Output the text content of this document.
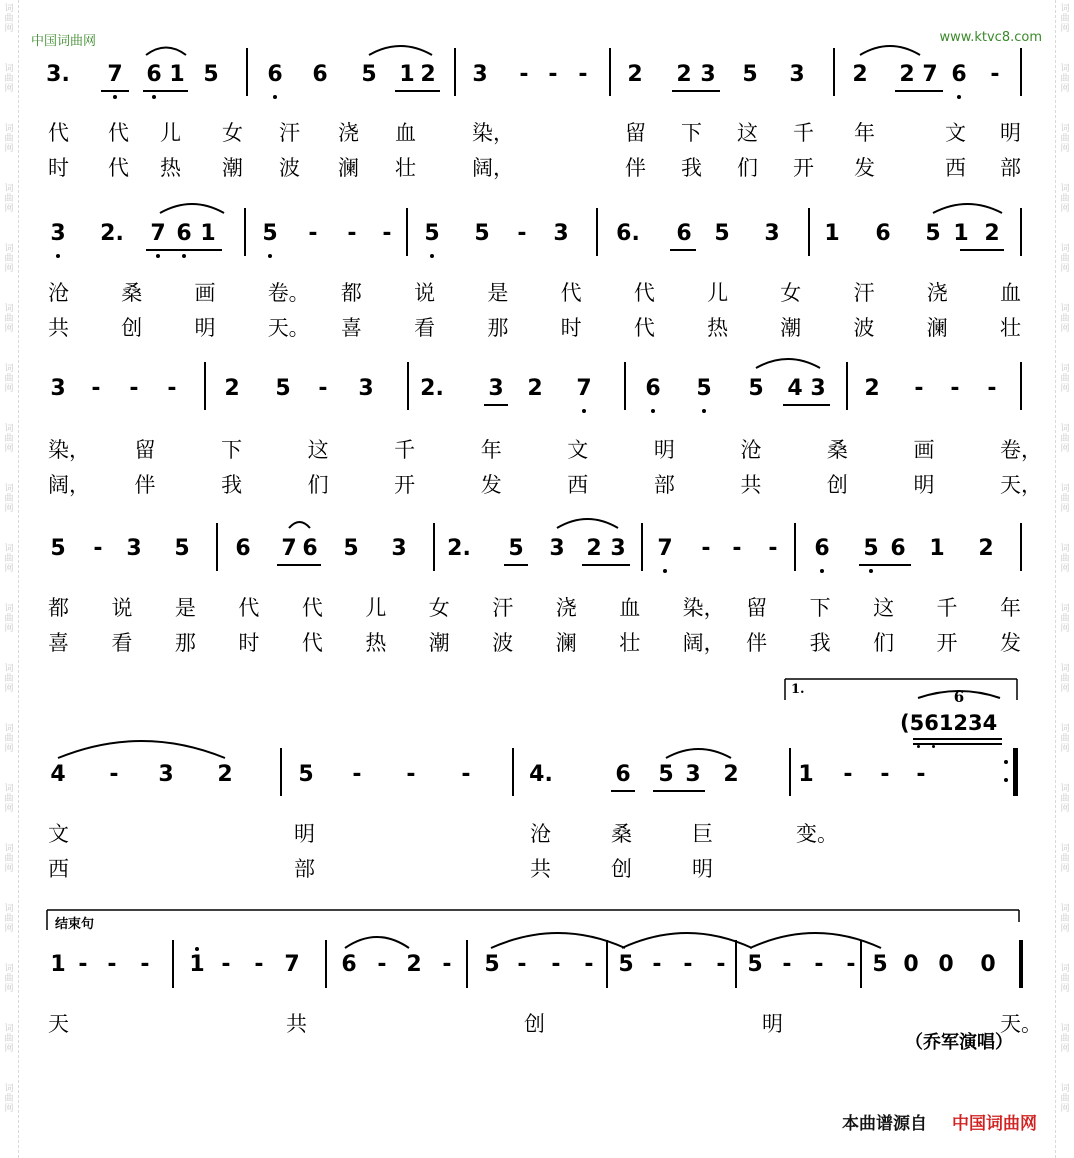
词曲网
词曲网
词曲网
词曲网
词曲网
词曲网
词曲网
词曲网
词曲网
词曲网
词曲网
词曲网
词曲网
词曲网
词曲网
词曲网
词曲网
词曲网
词曲网
词曲网
词曲网
词曲网
词曲网
词曲网
词曲网
词曲网
词曲网
词曲网
词曲网
词曲网
词曲网
词曲网
词曲网
词曲网
词曲网
词曲网
词曲网
词曲网
中国词曲网	www.ktvc8.com
3. 7 6 1 5 6 6 5 1 2 3	- - -	2 2 3 5 3 2 2 7 6	-
代 代 儿 女 汗 浇 血	染，	留 下 这 千 年	文 明
时 代 热 潮 波 澜 壮	阔，	伴 我 们 开 发	西 部
3 2. 7 6 1 5	-	-	-	5 5	-	3 6. 6 5 3 1 6 5 1 2
沧 桑 画 卷。 都 说 是 代 代 儿 女 汗 浇 血
共 创 明 天。 喜 看 那 时 代 热 潮 波 澜 壮
3	-	-	-	2 5	-	3 2. 3 2 7 6 5 5 4 3 2	-	-	-
染， 留	下	这	千	年	文	明	沧	桑	画	卷，
阔， 伴	我	们	开	发	西	部	共	创	明	天，
5	-	3 5 6 7 6 5 3 2. 5 3 2 3 7	- -	-	6 5 6 1 2
都 说 是 代 代 儿 女 汗 浇 血 染， 留 下 这 千 年
喜 看 那 时 代 热 潮 波 澜 壮 阔， 伴 我 们 开 发
4	-	3 2	5	-	-	-	4.	6 5 3 2	1	-	-	-
文	明	沧	桑	巨	变。
西	部	共	创	明
1 - -	-	1 -	- 7 6 - 2 -	5 -	-	-	5 - -	- 5 -	-	- 5 0 0 0
天	共	创	明	天。
1.
(561234
6
结束句
（乔军演唱）
本曲谱源自 中国词曲网
